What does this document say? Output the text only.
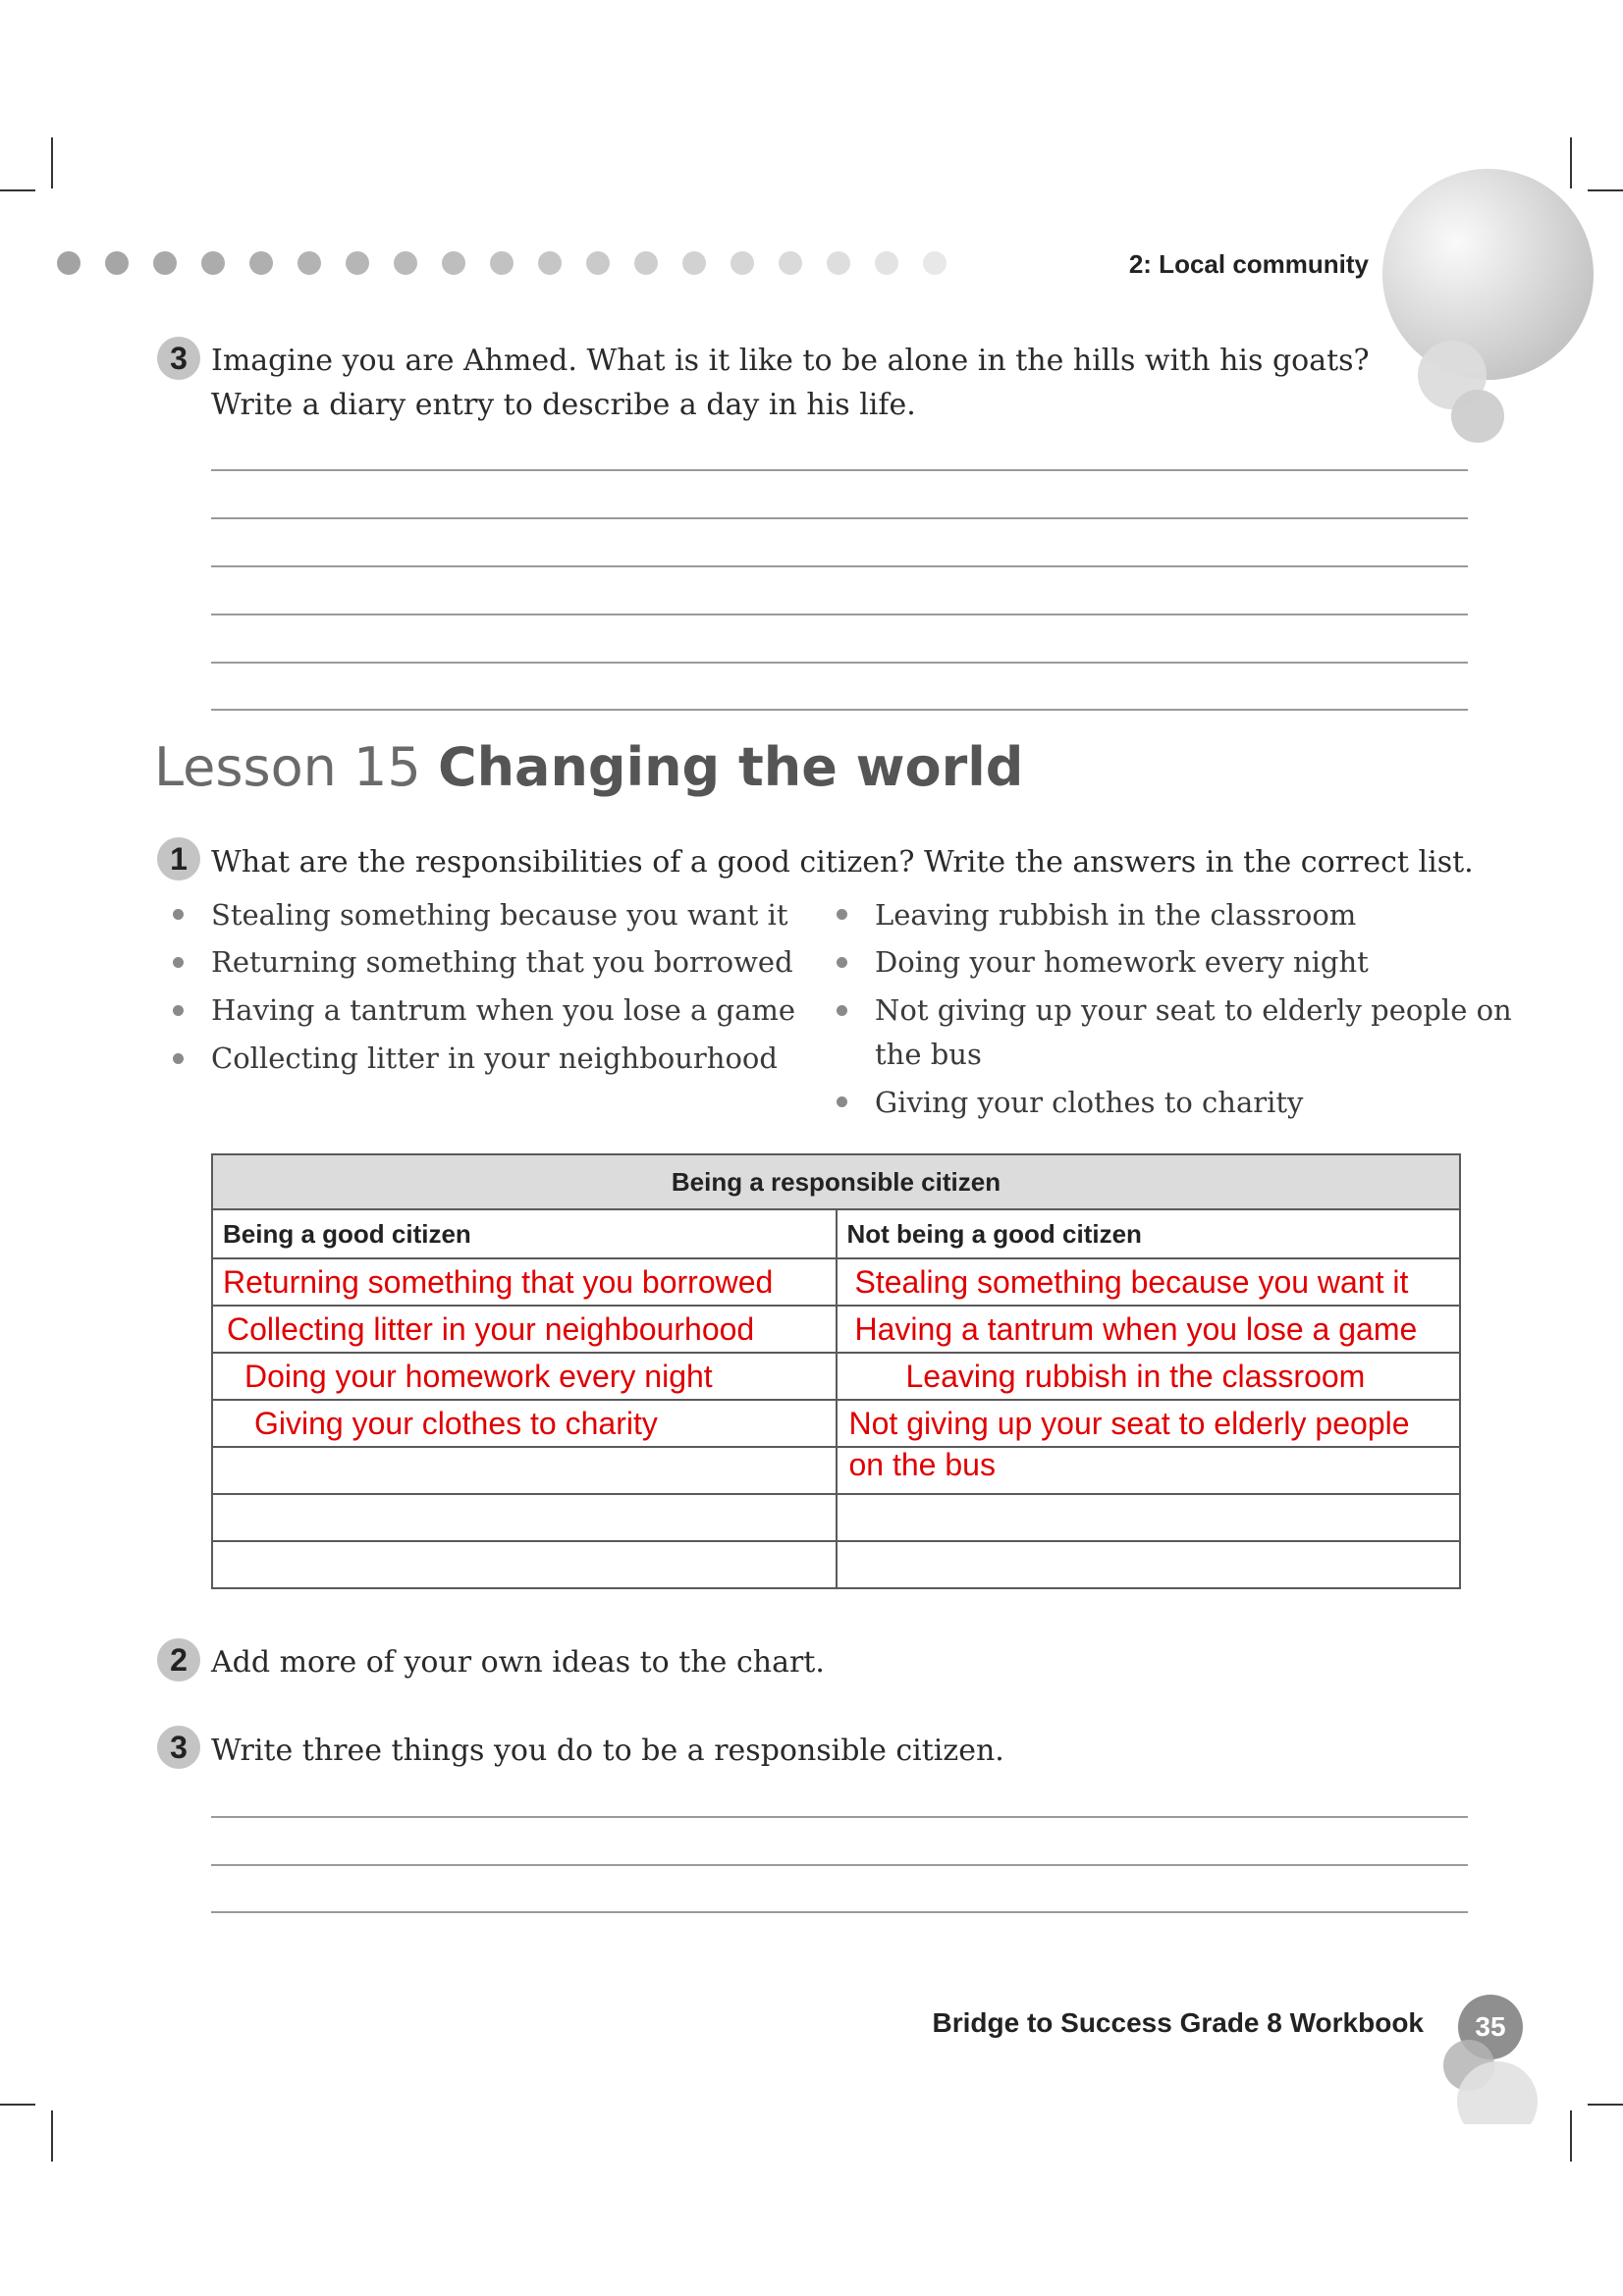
2: Local community
3 Imagine you are Ahmed. What is it like to be alone in the hills with his goats?
Write a diary entry to describe a day in his life.
Lesson 15 Changing the world
1 What are the responsibilities of a good citizen? Write the answers in the correct list.
Stealing something because you want it
Returning something that you borrowed
Having a tantrum when you lose a game
Collecting litter in your neighbourhood
Leaving rubbish in the classroom
Doing your homework every night
Not giving up your seat to elderly people on
the bus
Giving your clothes to charity
Being a responsible citizen	
Being a good citizen	Not being a good citizen

Returning something that you borrowed	Stealing something because you want it

Collecting litter in your neighbourhood	Having a tantrum when you lose a game

Doing your homework every night	Leaving rubbish in the classroom

Giving your clothes to charity	Not giving up your seat to elderly people

	on the bus

2 Add more of your own ideas to the chart.
3 Write three things you do to be a responsible citizen.
Bridge to Success Grade 8 Workbook	35
